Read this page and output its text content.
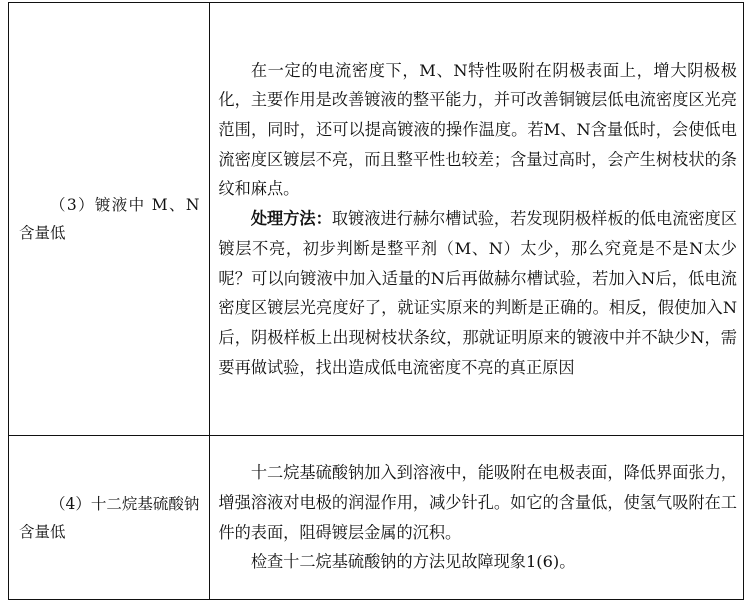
（3）镀液中 M、N含量低	在一定的电流密度下，M、N特性吸附在阴极表面上，增大阴极极化，主要作用是改善镀液的整平能力，并可改善铜镀层低电流密度区光亮范围，同时，还可以提高镀液的操作温度。若M、N含量低时，会使低电流密度区镀层不亮，而且整平性也较差；含量过高时，会产生树枝状的条纹和麻点。

处理方法：取镀液进行赫尔槽试验，若发现阴极样板的低电流密度区镀层不亮，初步判断是整平剂（M、N）太少，那么究竟是不是N太少呢？可以向镀液中加入适量的N后再做赫尔槽试验，若加入N后，低电流密度区镀层光亮度好了，就证实原来的判断是正确的。相反，假使加入N后，阴极样板上出现树枝状条纹，那就证明原来的镀液中并不缺少N，需要再做试验，找出造成低电流密度不亮的真正原因

（4）十二烷基硫酸钠含量低	十二烷基硫酸钠加入到溶液中，能吸附在电极表面，降低界面张力，增强溶液对电极的润湿作用，减少针孔。如它的含量低，使氢气吸附在工件的表面，阻碍镀层金属的沉积。

检查十二烷基硫酸钠的方法见故障现象1(6)。
